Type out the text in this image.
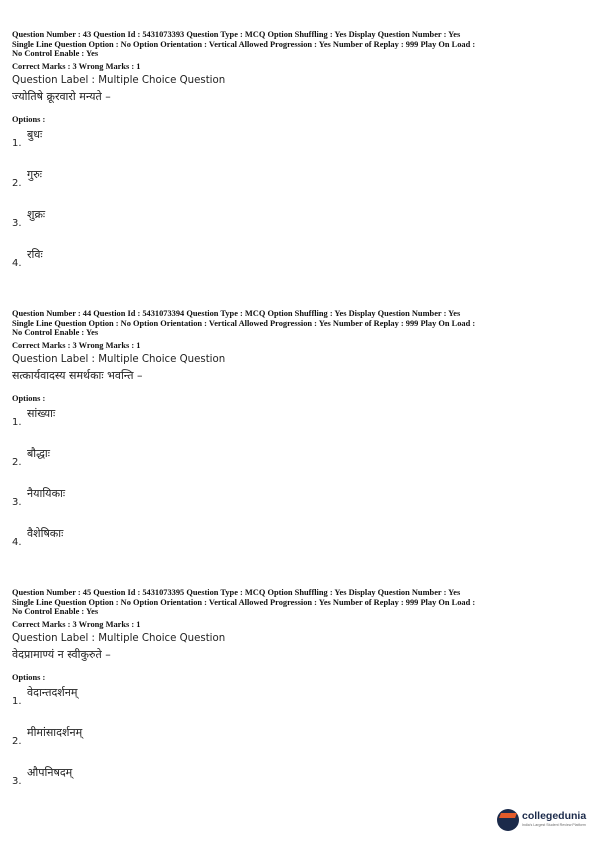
Question Number : 43 Question Id : 5431073393 Question Type : MCQ Option Shuffling : Yes Display Question Number : Yes
Single Line Question Option : No Option Orientation : Vertical Allowed Progression : Yes Number of Replay : 999 Play On Load :
No Control Enable : Yes
Correct Marks : 3 Wrong Marks : 1
Question Label : Multiple Choice Question
ज्योतिषे क्रूरवारो मन्यते –
Options :
1.
बुधः
2.
गुरुः
3.
शुक्रः
4.
रविः
Question Number : 44 Question Id : 5431073394 Question Type : MCQ Option Shuffling : Yes Display Question Number : Yes
Single Line Question Option : No Option Orientation : Vertical Allowed Progression : Yes Number of Replay : 999 Play On Load :
No Control Enable : Yes
Correct Marks : 3 Wrong Marks : 1
Question Label : Multiple Choice Question
सत्कार्यवादस्य समर्थकाः भवन्ति –
Options :
1.
सांख्याः
2.
बौद्धाः
3.
नैयायिकाः
4.
वैशेषिकाः
Question Number : 45 Question Id : 5431073395 Question Type : MCQ Option Shuffling : Yes Display Question Number : Yes
Single Line Question Option : No Option Orientation : Vertical Allowed Progression : Yes Number of Replay : 999 Play On Load :
No Control Enable : Yes
Correct Marks : 3 Wrong Marks : 1
Question Label : Multiple Choice Question
वेदप्रामाण्यं न स्वीकुरुते –
Options :
1.
वेदान्तदर्शनम्
2.
मीमांसादर्शनम्
3.
औपनिषदम्
collegedunia
India's Largest Student Review Platform
